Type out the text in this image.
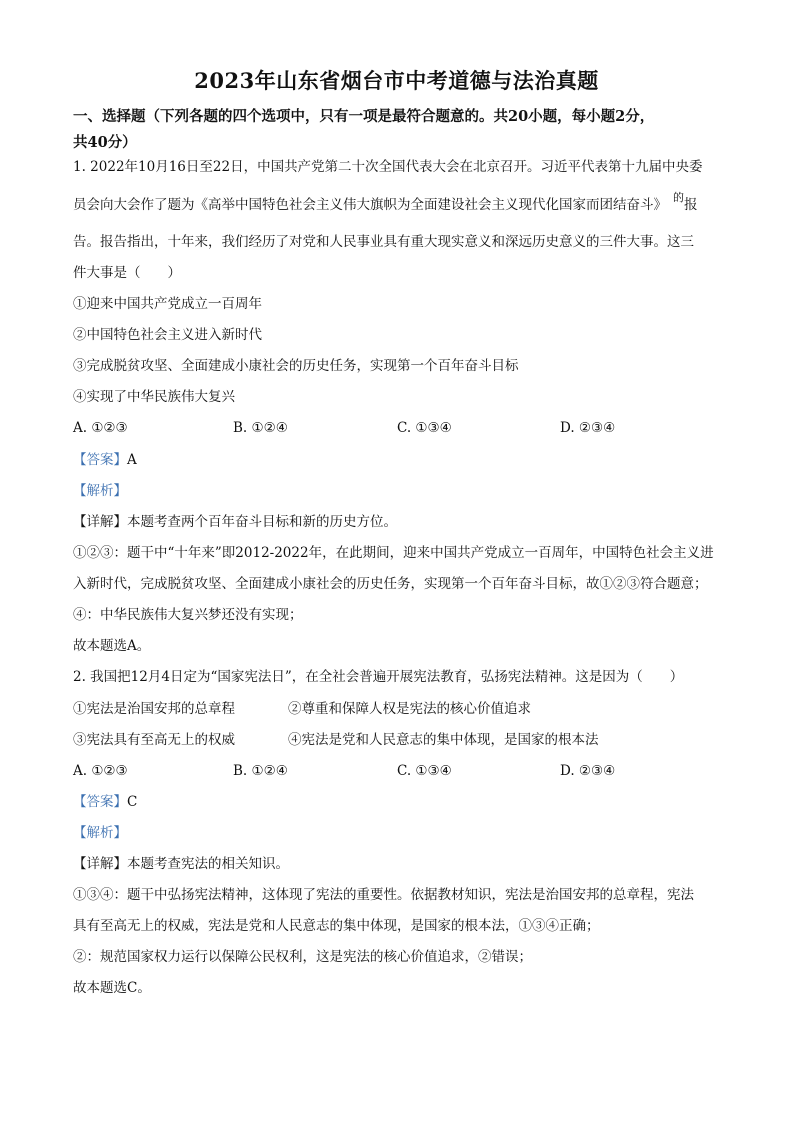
2023年山东省烟台市中考道德与法治真题
一、选择题（下列各题的四个选项中，只有一项是最符合题意的。共20小题，每小题2分，
共40分）
1. 2022年10月16日至22日，中国共产党第二十次全国代表大会在北京召开。习近平代表第十九届中央委
员会向大会作了题为《高举中国特色社会主义伟大旗帜为全面建设社会主义现代化国家而团结奋斗》 $^的$报
告。报告指出，十年来，我们经历了对党和人民事业具有重大现实意义和深远历史意义的三件大事。这三
件大事是（　　）
①迎来中国共产党成立一百周年
②中国特色社会主义进入新时代
③完成脱贫攻坚、全面建成小康社会的历史任务，实现第一个百年奋斗目标
④实现了中华民族伟大复兴
A. ①②③	B. ①②④	C. ①③④	D. ②③④
【答案】A
【解析】
【详解】本题考查两个百年奋斗目标和新的历史方位。
①②③：题干中“十年来”即2012-2022年，在此期间，迎来中国共产党成立一百周年，中国特色社会主义进
入新时代，完成脱贫攻坚、全面建成小康社会的历史任务，实现第一个百年奋斗目标，故①②③符合题意；
④：中华民族伟大复兴梦还没有实现；
故本题选A。
2. 我国把12月4日定为“国家宪法日”，在全社会普遍开展宪法教育，弘扬宪法精神。这是因为（　　）
①宪法是治国安邦的总章程	②尊重和保障人权是宪法的核心价值追求
③宪法具有至高无上的权威	④宪法是党和人民意志的集中体现，是国家的根本法
A. ①②③	B. ①②④	C. ①③④	D. ②③④
【答案】C
【解析】
【详解】本题考查宪法的相关知识。
①③④：题干中弘扬宪法精神，这体现了宪法的重要性。依据教材知识，宪法是治国安邦的总章程，宪法
具有至高无上的权威，宪法是党和人民意志的集中体现，是国家的根本法，①③④正确；
②：规范国家权力运行以保障公民权利，这是宪法的核心价值追求，②错误；
故本题选C。
